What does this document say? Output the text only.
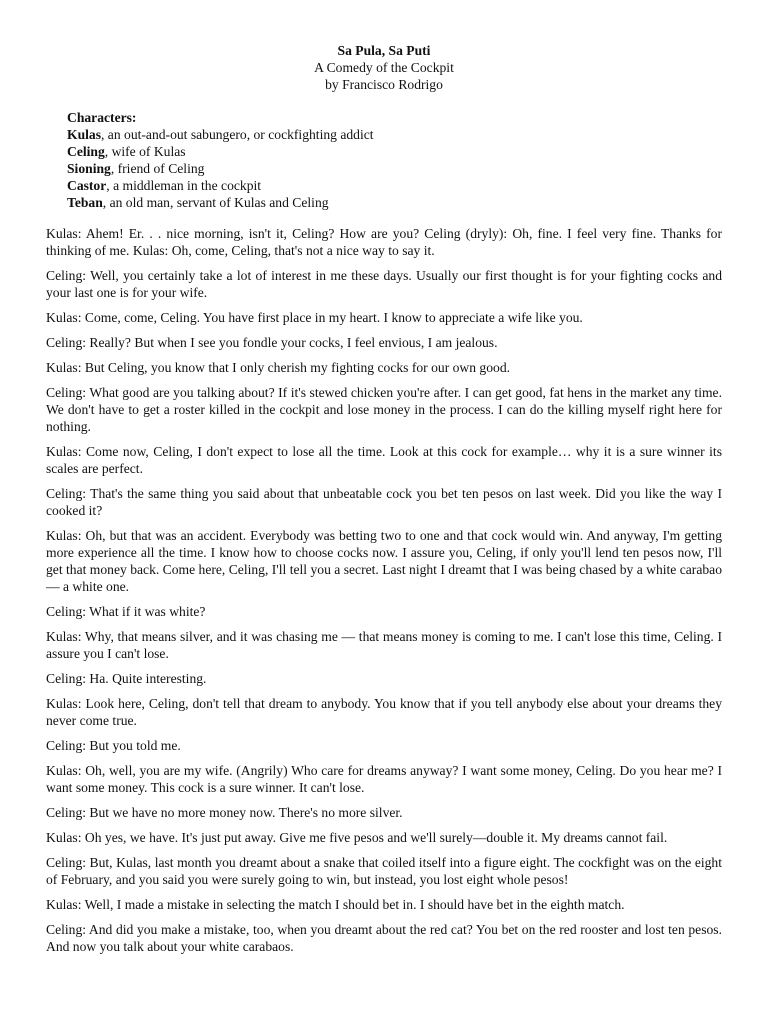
Sa Pula, Sa Puti
A Comedy of the Cockpit
by Francisco Rodrigo
Characters:
Kulas, an out-and-out sabungero, or cockfighting addict
Celing, wife of Kulas
Sioning, friend of Celing
Castor, a middleman in the cockpit
Teban, an old man, servant of Kulas and Celing

Kulas: Ahem! Er. . . nice morning, isn't it, Celing? How are you? Celing (dryly): Oh, fine. I feel very fine. Thanks for thinking of me. Kulas: Oh, come, Celing, that's not a nice way to say it.

Celing: Well, you certainly take a lot of interest in me these days. Usually our first thought is for your fighting cocks and your last one is for your wife.

Kulas: Come, come, Celing. You have first place in my heart. I know to appreciate a wife like you.

Celing: Really? But when I see you fondle your cocks, I feel envious, I am jealous.

Kulas: But Celing, you know that I only cherish my fighting cocks for our own good.

Celing: What good are you talking about? If it's stewed chicken you're after. I can get good, fat hens in the market any time. We don't have to get a roster killed in the cockpit and lose money in the process. I can do the killing myself right here for nothing.

Kulas: Come now, Celing, I don't expect to lose all the time. Look at this cock for example… why it is a sure winner its scales are perfect.

Celing: That's the same thing you said about that unbeatable cock you bet ten pesos on last week. Did you like the way I cooked it?

Kulas: Oh, but that was an accident. Everybody was betting two to one and that cock would win. And anyway, I'm getting more experience all the time. I know how to choose cocks now. I assure you, Celing, if only you'll lend ten pesos now, I'll get that money back. Come here, Celing, I'll tell you a secret. Last night I dreamt that I was being chased by a white carabao— a white one.

Celing: What if it was white?

Kulas: Why, that means silver, and it was chasing me — that means money is coming to me. I can't lose this time, Celing. I assure you I can't lose.

Celing: Ha. Quite interesting.

Kulas: Look here, Celing, don't tell that dream to anybody. You know that if you tell anybody else about your dreams they never come true.

Celing: But you told me.

Kulas: Oh, well, you are my wife. (Angrily) Who care for dreams anyway? I want some money, Celing. Do you hear me? I want some money. This cock is a sure winner. It can't lose.

Celing: But we have no more money now. There's no more silver.

Kulas: Oh yes, we have. It's just put away. Give me five pesos and we'll surely—double it. My dreams cannot fail.

Celing: But, Kulas, last month you dreamt about a snake that coiled itself into a figure eight. The cockfight was on the eight of February, and you said you were surely going to win, but instead, you lost eight whole pesos!

Kulas: Well, I made a mistake in selecting the match I should bet in. I should have bet in the eighth match.

Celing: And did you make a mistake, too, when you dreamt about the red cat? You bet on the red rooster and lost ten pesos. And now you talk about your white carabaos.
